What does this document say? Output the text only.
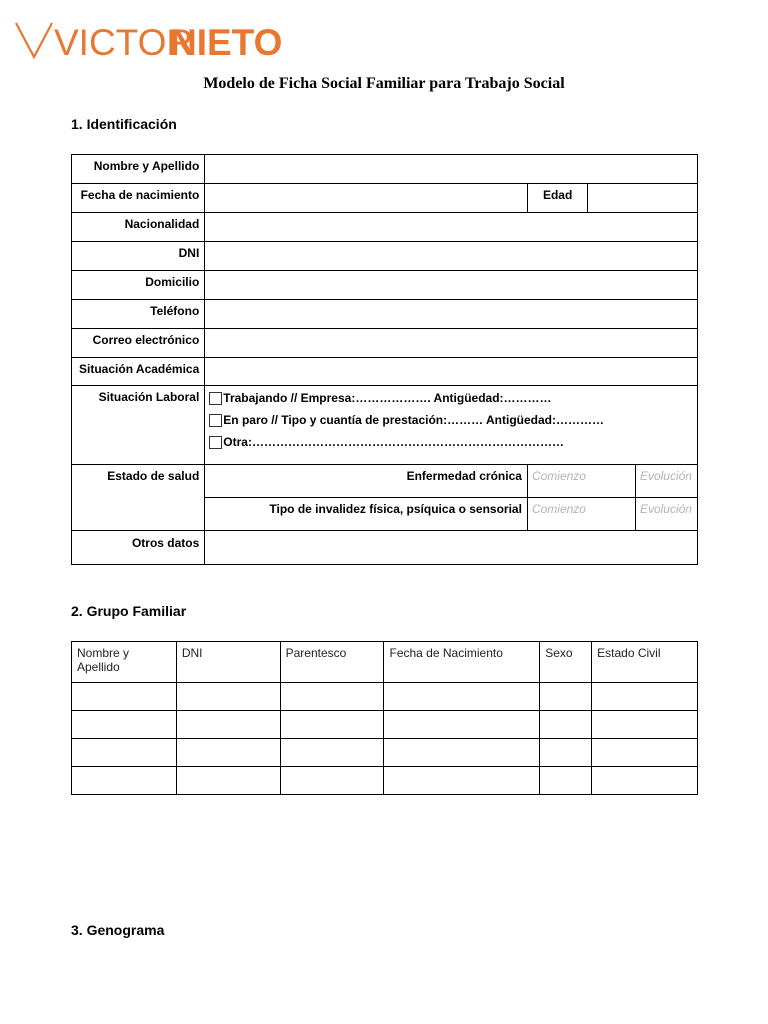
VICTOR
NIETO
Modelo de Ficha Social Familiar para Trabajo Social
1. Identificación
Nombre y Apellido			
Fecha de nacimiento		Edad	
Nacionalidad			
DNI			
Domicilio			
Teléfono			
Correo electrónico			
Situación Académica			
Situación Laboral	Trabajando // Empresa:………………. Antigüedad:…………
En paro // Tipo y cuantía de prestación:……… Antigüedad:…………
Otra:……………………………………………………………………		

Estado de salud	Enfermedad crónica	Comienzo Evolución	

	Tipo de invalidez física, psíquica o sensorial	Comienzo Evolución	

Otros datos			
2. Grupo Familiar
Nombre y Apellido	DNI	Parentesco	Fecha de Nacimiento	Sexo	Estado Civil

3. Genograma
